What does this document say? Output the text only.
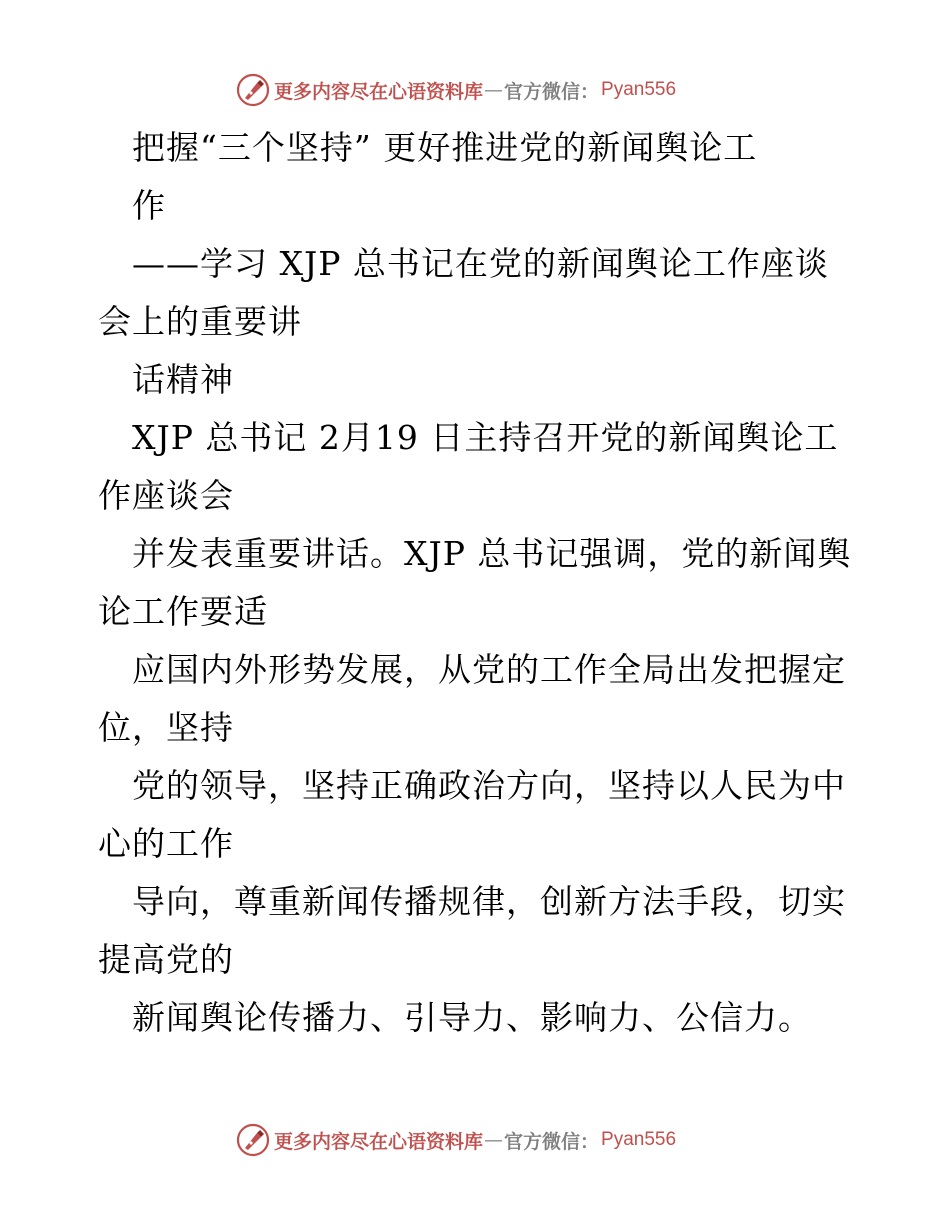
更多内容尽在心语资料库 — 官方微信： Pyan556
　把握“三个坚持” 更好推进党的新闻舆论工
　作
　——学习 XJP 总书记在党的新闻舆论工作座谈
会上的重要讲
　话精神
　XJP 总书记 2月19 日主持召开党的新闻舆论工
作座谈会
　并发表重要讲话。XJP 总书记强调，党的新闻舆
论工作要适
　应国内外形势发展，从党的工作全局出发把握定
位，坚持
　党的领导，坚持正确政治方向，坚持以人民为中
心的工作
　导向，尊重新闻传播规律，创新方法手段，切实
提高党的
　新闻舆论传播力、引导力、影响力、公信力。
更多内容尽在心语资料库 — 官方微信： Pyan556
